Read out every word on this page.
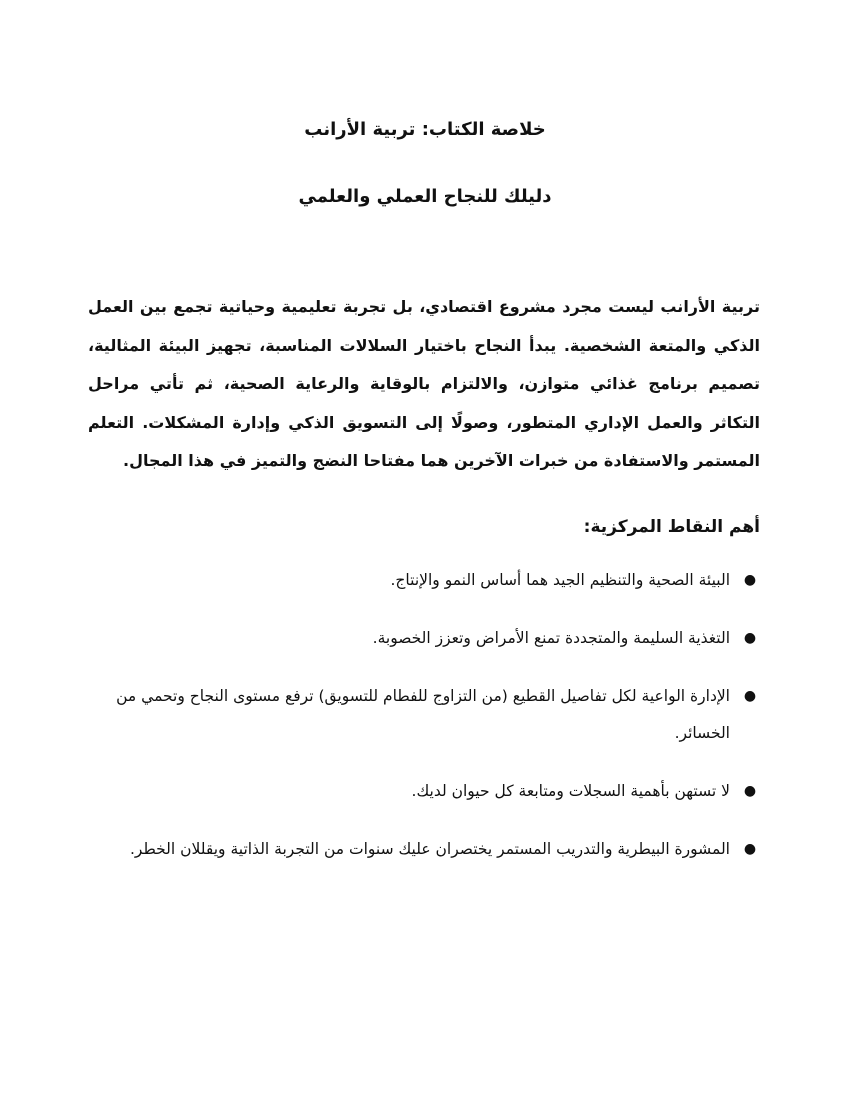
خلاصة الكتاب: تربية الأرانب
دليلك للنجاح العملي والعلمي

تربية الأرانب ليست مجرد مشروع اقتصادي، بل تجربة تعليمية وحياتية تجمع بين العمل الذكي والمتعة الشخصية. يبدأ النجاح باختيار السلالات المناسبة، تجهيز البيئة المثالية، تصميم برنامج غذائي متوازن، والالتزام بالوقاية والرعاية الصحية، ثم تأتي مراحل التكاثر والعمل الإداري المتطور، وصولًا إلى التسويق الذكي وإدارة المشكلات. التعلم المستمر والاستفادة من خبرات الآخرين هما مفتاحا النضج والتميز في هذا المجال.

أهم النقاط المركزية:
●
البيئة الصحية والتنظيم الجيد هما أساس النمو والإنتاج.
●
التغذية السليمة والمتجددة تمنع الأمراض وتعزز الخصوبة.
●
الإدارة الواعية لكل تفاصيل القطيع (من التزاوج للفطام للتسويق) ترفع مستوى النجاح وتحمي من الخسائر.
●
لا تستهن بأهمية السجلات ومتابعة كل حيوان لديك.
●
المشورة البيطرية والتدريب المستمر يختصران عليك سنوات من التجربة الذاتية ويقللان الخطر.
